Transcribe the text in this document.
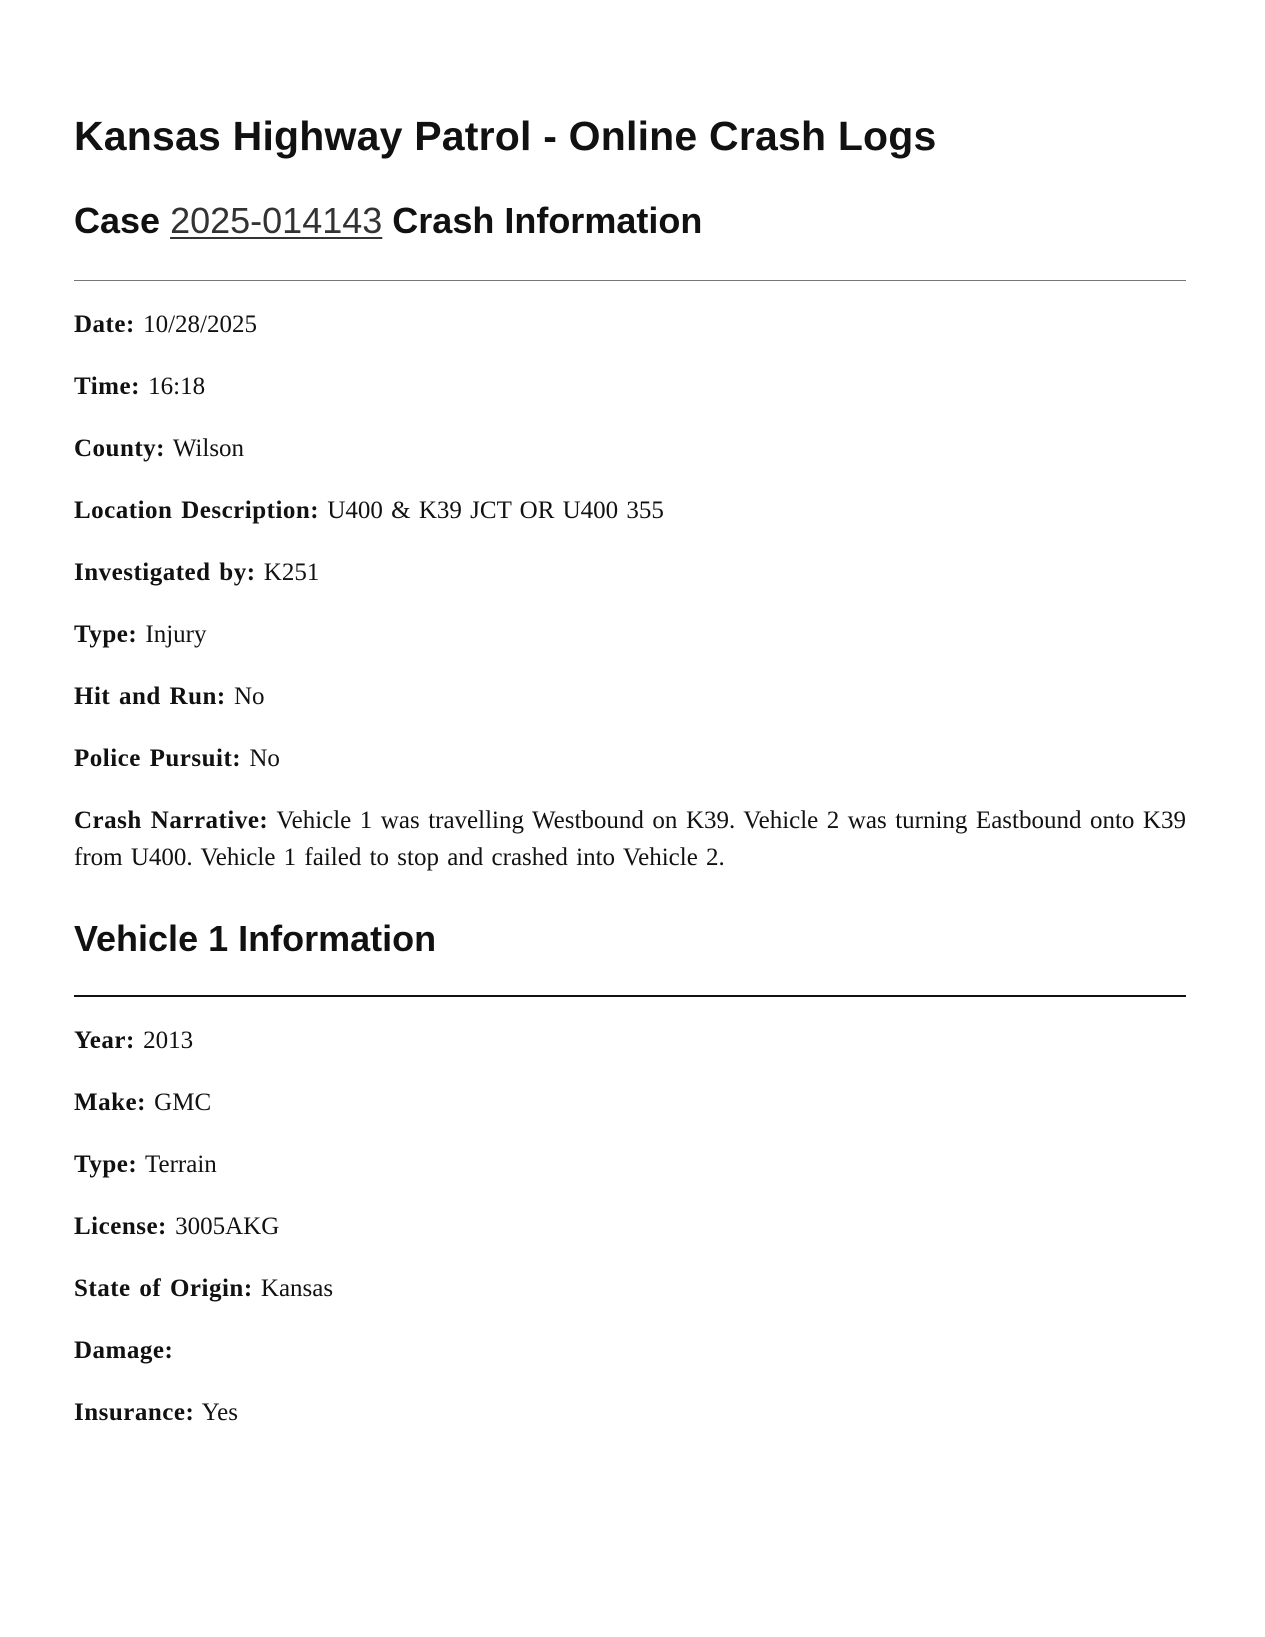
Kansas Highway Patrol - Online Crash Logs
Case 2025-014143 Crash Information
Date: 10/28/2025
Time: 16:18
County: Wilson
Location Description: U400 & K39 JCT OR U400 355
Investigated by: K251
Type: Injury
Hit and Run: No
Police Pursuit: No
Crash Narrative: Vehicle 1 was travelling Westbound on K39. Vehicle 2 was turning Eastbound onto K39 from U400. Vehicle 1 failed to stop and crashed into Vehicle 2.
Vehicle 1 Information
Year: 2013
Make: GMC
Type: Terrain
License: 3005AKG
State of Origin: Kansas
Damage:
Insurance: Yes
